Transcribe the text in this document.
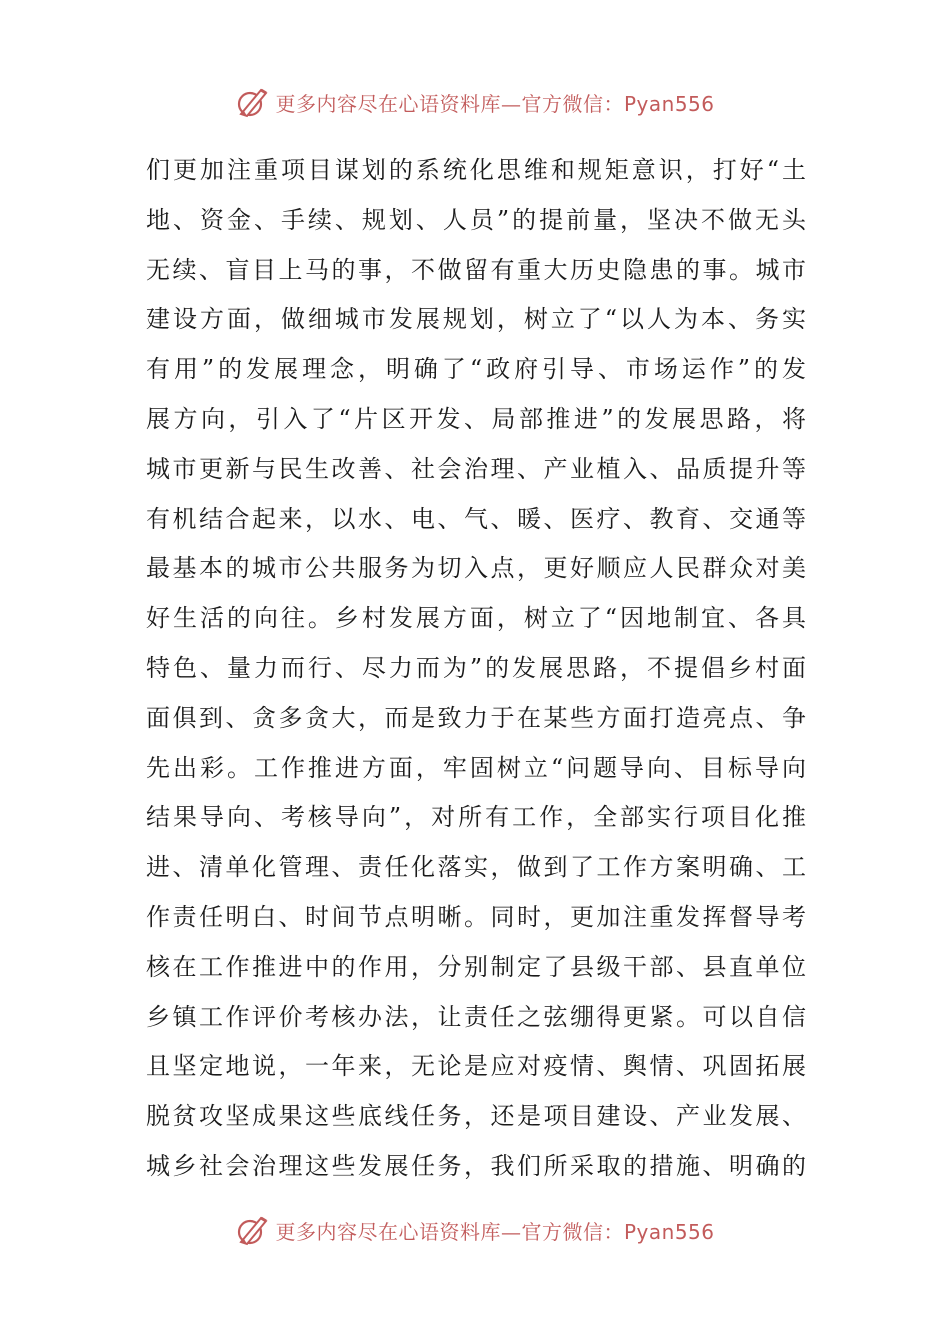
更多内容尽在心语资料库—官方微信：Pyan556
们更加注重项目谋划的系统化思维和规矩意识，打好“土
地、资金、手续、规划、人员”的提前量，坚决不做无头
无续、盲目上马的事，不做留有重大历史隐患的事。城市
建设方面，做细城市发展规划，树立了“以人为本、务实
有用”的发展理念，明确了“政府引导、市场运作”的发
展方向，引入了“片区开发、局部推进”的发展思路，将
城市更新与民生改善、社会治理、产业植入、品质提升等
有机结合起来，以水、电、气、暖、医疗、教育、交通等
最基本的城市公共服务为切入点，更好顺应人民群众对美
好生活的向往。乡村发展方面，树立了“因地制宜、各具
特色、量力而行、尽力而为”的发展思路，不提倡乡村面
面俱到、贪多贪大，而是致力于在某些方面打造亮点、争
先出彩。工作推进方面，牢固树立“问题导向、目标导向
结果导向、考核导向”，对所有工作，全部实行项目化推
进、清单化管理、责任化落实，做到了工作方案明确、工
作责任明白、时间节点明晰。同时，更加注重发挥督导考
核在工作推进中的作用，分别制定了县级干部、县直单位
乡镇工作评价考核办法，让责任之弦绷得更紧。可以自信
且坚定地说，一年来，无论是应对疫情、舆情、巩固拓展
脱贫攻坚成果这些底线任务，还是项目建设、产业发展、
城乡社会治理这些发展任务，我们所采取的措施、明确的
更多内容尽在心语资料库—官方微信：Pyan556
